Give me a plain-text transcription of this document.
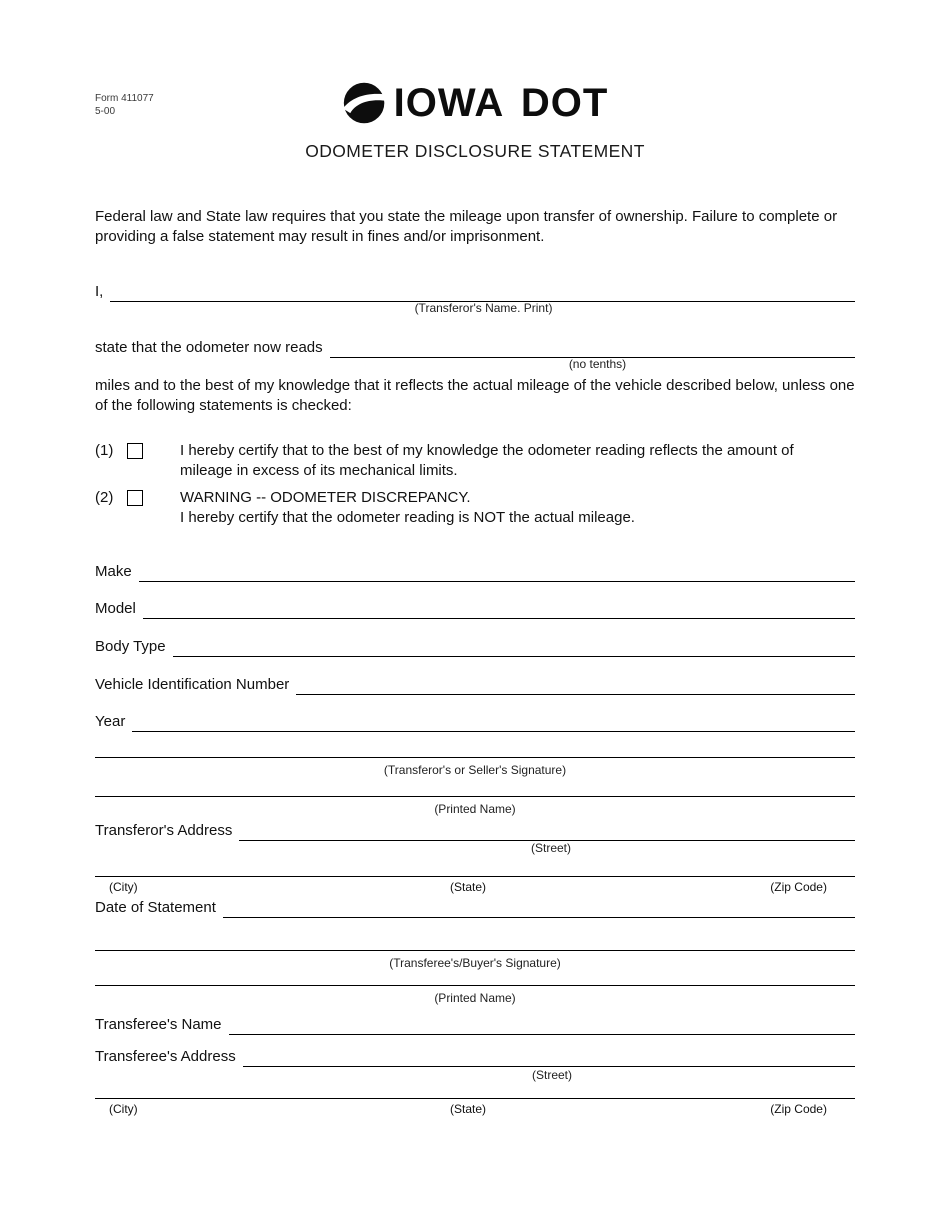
Form 411077
5-00	IOWA DOT
ODOMETER DISCLOSURE STATEMENT
Federal law and State law requires that you state the mileage upon transfer of ownership. Failure to complete or providing a false statement may result in fines and/or imprisonment.
I,
(Transferor's Name. Print)
state that the odometer now reads
(no tenths)
miles and to the best of my knowledge that it reflects the actual mileage of the vehicle described below, unless one of the following statements is checked:
(1)	I hereby certify that to the best of my knowledge the odometer reading reflects the amount of mileage in excess of its mechanical limits.
(2)	WARNING -- ODOMETER DISCREPANCY.
I hereby certify that the odometer reading is NOT the actual mileage.
Make
Model
Body Type
Vehicle Identification Number
Year
(Transferor's or Seller's Signature)
(Printed Name)
Transferor's Address
(Street)
(City)	(State)	(Zip Code)
Date of Statement
(Transferee's/Buyer's Signature)
(Printed Name)
Transferee's Name
Transferee's Address
(Street)
(City)	(State)	(Zip Code)
